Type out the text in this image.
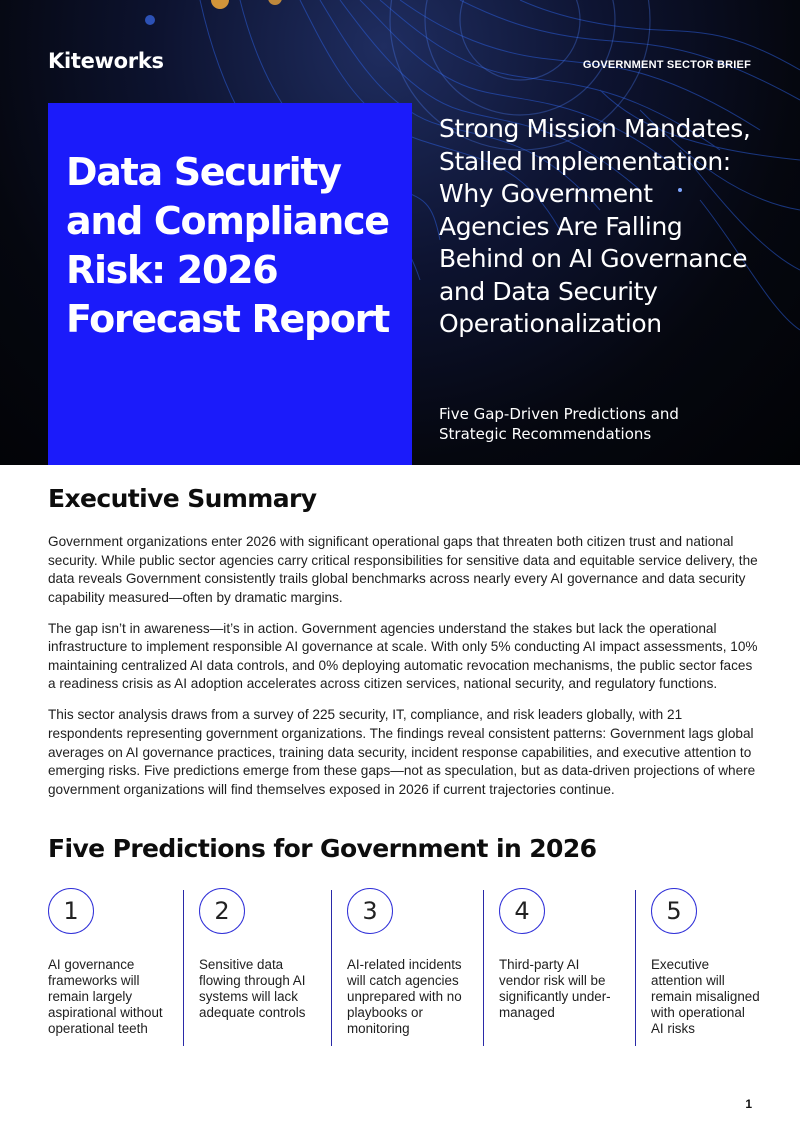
Kiteworks	GOVERNMENT SECTOR BRIEF
Data Security and Compliance Risk: 2026 Forecast Report
Strong Mission Mandates, Stalled Implementation: Why Government Agencies Are Falling Behind on AI Governance and Data Security Operationalization
Five Gap-Driven Predictions and Strategic Recommendations
Executive Summary

Government organizations enter 2026 with significant operational gaps that threaten both citizen trust and national security. While public sector agencies carry critical responsibilities for sensitive data and equitable service delivery, the data reveals Government consistently trails global benchmarks across nearly every AI governance and data security capability measured—often by dramatic margins.

The gap isn’t in awareness—it’s in action. Government agencies understand the stakes but lack the operational infrastructure to implement responsible AI governance at scale. With only 5% conducting AI impact assessments, 10% maintaining centralized AI data controls, and 0% deploying automatic revocation mechanisms, the public sector faces a readiness crisis as AI adoption accelerates across citizen services, national security, and regulatory functions.

This sector analysis draws from a survey of 225 security, IT, compliance, and risk leaders globally, with 21 respondents representing government organizations. The findings reveal consistent patterns: Government lags global averages on AI governance practices, training data security, incident response capabilities, and executive attention to emerging risks. Five predictions emerge from these gaps—not as speculation, but as data-driven projections of where government organizations will find themselves exposed in 2026 if current trajectories continue.

Five Predictions for Government in 2026
1
AI governance frameworks will remain largely aspirational without operational teeth
2
Sensitive data flowing through AI systems will lack adequate controls
3
AI-related incidents will catch agencies unprepared with no playbooks or monitoring
4
Third-party AI vendor risk will be significantly under-managed
5
Executive attention will remain misaligned with operational AI risks
1
